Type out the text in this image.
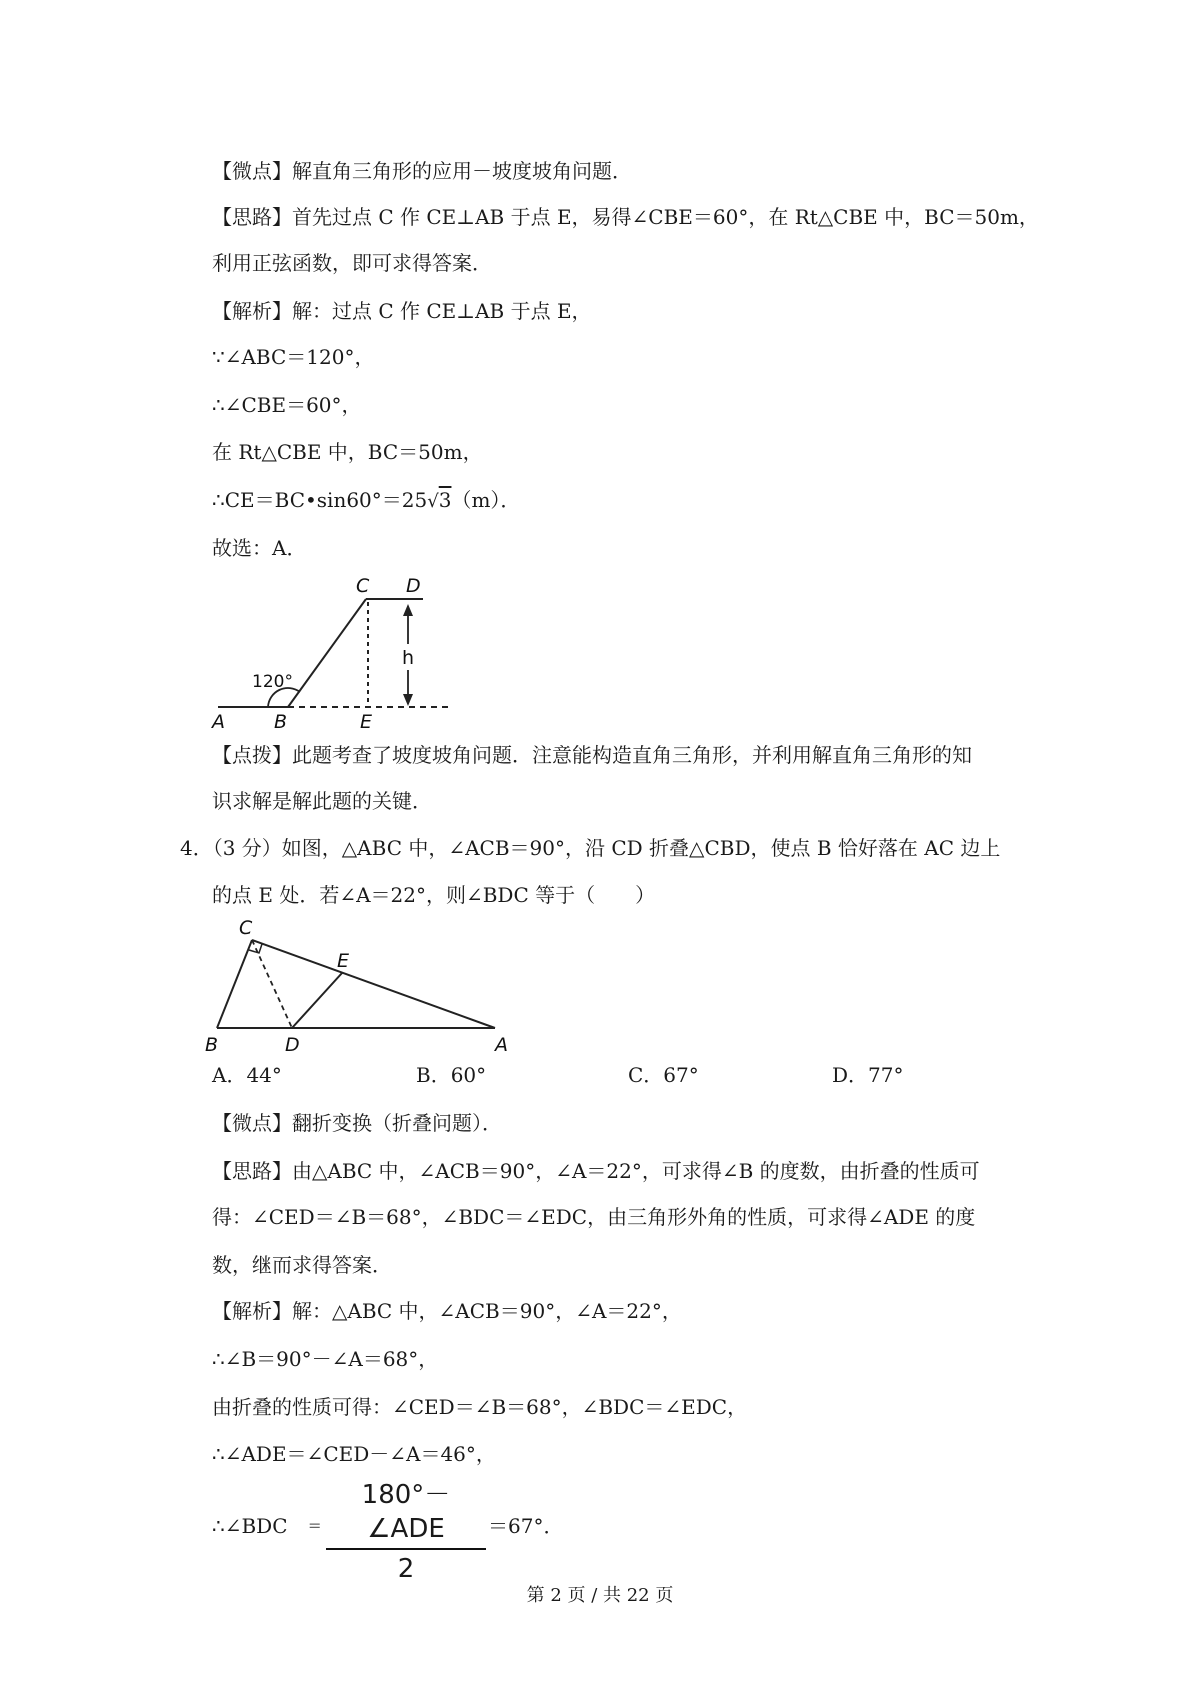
【微点】解直角三角形的应用－坡度坡角问题．
【思路】首先过点 C 作 CE⊥AB 于点 E，易得∠CBE＝60°，在 Rt△CBE 中，BC＝50m，
利用正弦函数，即可求得答案．
【解析】解：过点 C 作 CE⊥AB 于点 E，
∵∠ABC＝120°，
∴∠CBE＝60°，
在 Rt△CBE 中，BC＝50m，
∴CE＝BC•sin60°＝25√3（m）．
故选：A．
C D
h
120°
A	B	E
【点拨】此题考查了坡度坡角问题．注意能构造直角三角形，并利用解直角三角形的知
识求解是解此题的关键．
4．（3 分）如图，△ABC 中，∠ACB＝90°，沿 CD 折叠△CBD，使点 B 恰好落在 AC 边上
的点 E 处．若∠A＝22°，则∠BDC 等于（　　）
C
E
B	D	A
A．44°	B．60°	C．67°	D．77°
【微点】翻折变换（折叠问题）．
【思路】由△ABC 中，∠ACB＝90°，∠A＝22°，可求得∠B 的度数，由折叠的性质可
得：∠CED＝∠B＝68°，∠BDC＝∠EDC，由三角形外角的性质，可求得∠ADE 的度
数，继而求得答案．
【解析】解：△ABC 中，∠ACB＝90°，∠A＝22°，
∴∠B＝90°－∠A＝68°，
由折叠的性质可得：∠CED＝∠B＝68°，∠BDC＝∠EDC，
∴∠ADE＝∠CED－∠A＝46°，
∴∠BDC =
180°－∠ADE
2
＝67°．
第 2 页 / 共 22 页
